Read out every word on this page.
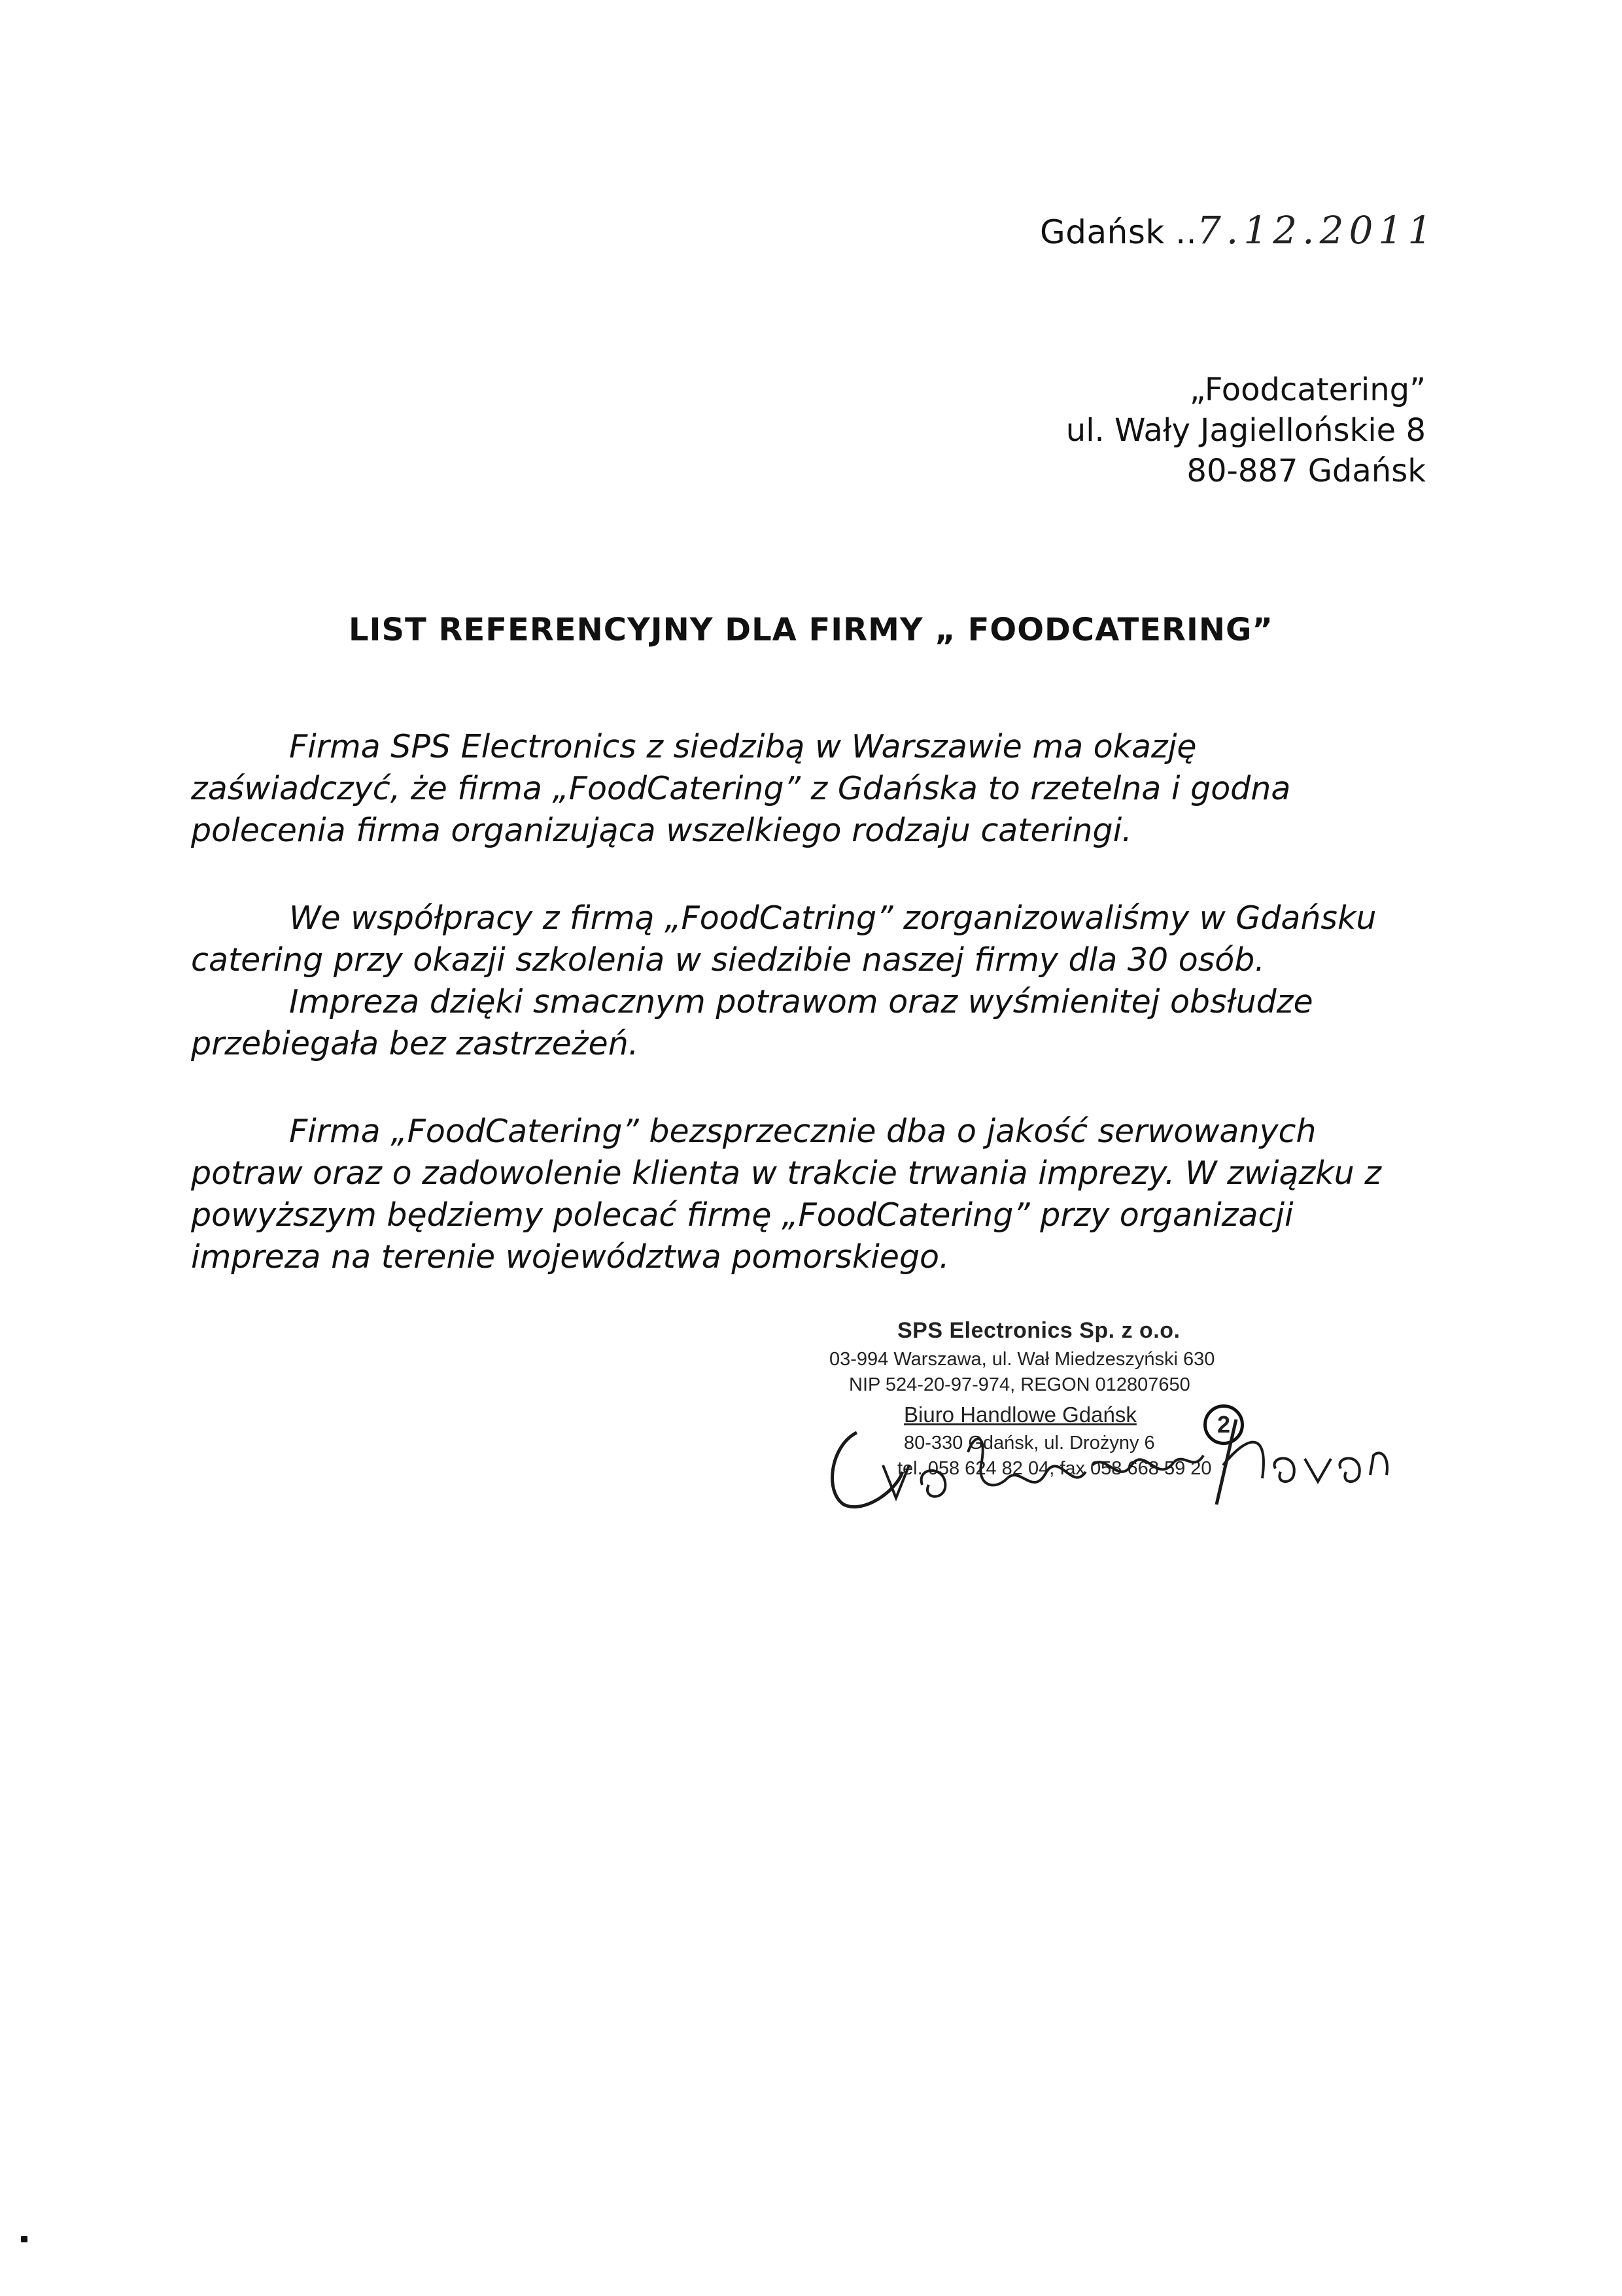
Gdańsk ..7.12.2011
„Foodcatering”
ul. Wały Jagiellońskie 8
80-887 Gdańsk
LIST REFERENCYJNY DLA FIRMY „ FOODCATERING”
Firma SPS Electronics z siedzibą w Warszawie ma okazję
zaświadczyć, że firma „FoodCatering” z Gdańska to rzetelna i godna
polecenia firma organizująca wszelkiego rodzaju cateringi.
We współpracy z firmą „FoodCatring” zorganizowaliśmy w Gdańsku
catering przy okazji szkolenia w siedzibie naszej firmy dla 30 osób.
Impreza dzięki smacznym potrawom oraz wyśmienitej obsłudze
przebiegała bez zastrzeżeń.
Firma „FoodCatering” bezsprzecznie dba o jakość serwowanych
potraw oraz o zadowolenie klienta w trakcie trwania imprezy. W związku z
powyższym będziemy polecać firmę „FoodCatering” przy organizacji
impreza na terenie województwa pomorskiego.
SPS Electronics Sp. z o.o.
03-994 Warszawa, ul. Wał Miedzeszyński 630
NIP 524-20-97-974, REGON 012807650
Biuro Handlowe Gdańsk	2
80-330 Gdańsk, ul. Drożyny 6
tel. 058 624 82 04, fax 058 668 59 20
